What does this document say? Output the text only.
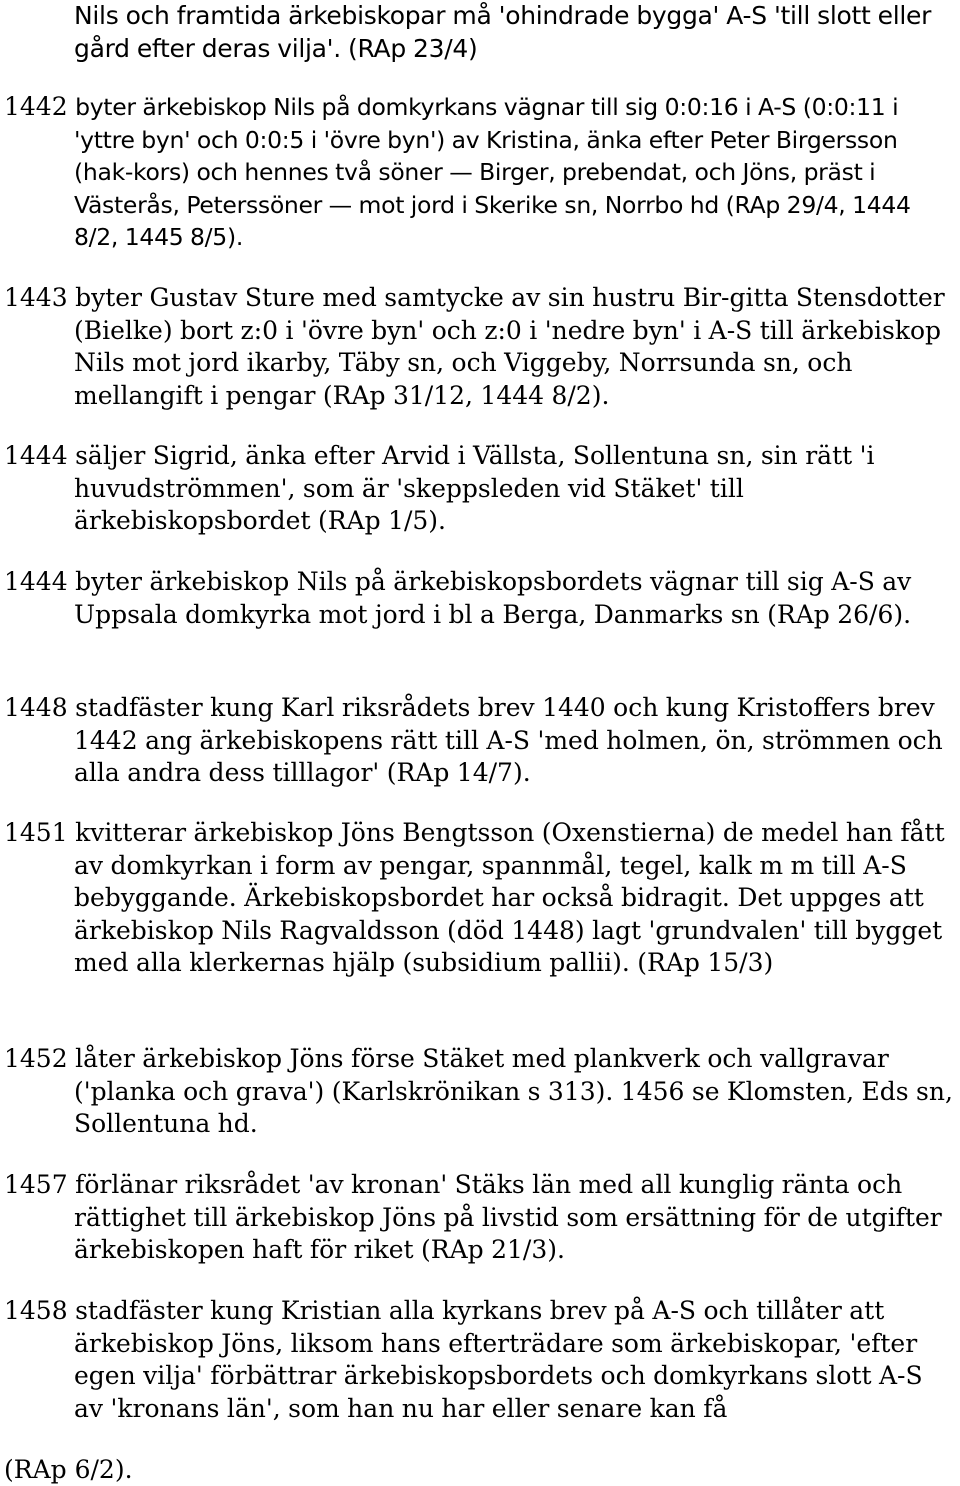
Nils och framtida ärkebiskopar må 'ohindrade bygga' A-S 'till slott eller gård efter deras vilja'. (RAp 23/4)

1442 byter ärkebiskop Nils på domkyrkans vägnar till sig 0:0:16 i A-S (0:0:11 i 'yttre byn' och 0:0:5 i 'övre byn') av Kristina, änka efter Peter Birgersson (hak-kors) och hennes två söner — Birger, prebendat, och Jöns, präst i Västerås, Peterssöner — mot jord i Skerike sn, Norrbo hd (RAp 29/4, 1444 8/2, 1445 8/5).

1443 byter Gustav Sture med samtycke av sin hustru Bir-gitta Stensdotter (Bielke) bort z:0 i 'övre byn' och z:0 i 'nedre byn' i A-S till ärkebiskop Nils mot jord ikarby, Täby sn, och Viggeby, Norrsunda sn, och mellangift i pengar (RAp 31/12, 1444 8/2).

1444 säljer Sigrid, änka efter Arvid i Vällsta, Sollentuna sn, sin rätt 'i huvudströmmen', som är 'skeppsleden vid Stäket' till ärkebiskopsbordet (RAp 1/5).

1444 byter ärkebiskop Nils på ärkebiskopsbordets vägnar till sig A-S av Uppsala domkyrka mot jord i bl a Berga, Danmarks sn (RAp 26/6).

1448 stadfäster kung Karl riksrådets brev 1440 och kung Kristoffers brev 1442 ang ärkebiskopens rätt till A-S 'med holmen, ön, strömmen och alla andra dess tilllagor' (RAp 14/7).

1451 kvitterar ärkebiskop Jöns Bengtsson (Oxenstierna) de medel han fått av domkyrkan i form av pengar, spannmål, tegel, kalk m m till A-S bebyggande. Ärkebiskopsbordet har också bidragit. Det uppges att ärkebiskop Nils Ragvaldsson (död 1448) lagt 'grundvalen' till bygget med alla klerkernas hjälp (subsidium pallii). (RAp 15/3)

1452 låter ärkebiskop Jöns förse Stäket med plankverk och vallgravar ('planka och grava') (Karlskrönikan s 313). 1456 se Klomsten, Eds sn, Sollentuna hd.

1457 förlänar riksrådet 'av kronan' Stäks län med all kunglig ränta och rättighet till ärkebiskop Jöns på livstid som ersättning för de utgifter ärkebiskopen haft för riket (RAp 21/3).

1458 stadfäster kung Kristian alla kyrkans brev på A-S och tillåter att ärkebiskop Jöns, liksom hans efterträdare som ärkebiskopar, 'efter egen vilja' förbättrar ärkebiskopsbordets och domkyrkans slott A-S av 'kronans län', som han nu har eller senare kan få

(RAp 6/2).
